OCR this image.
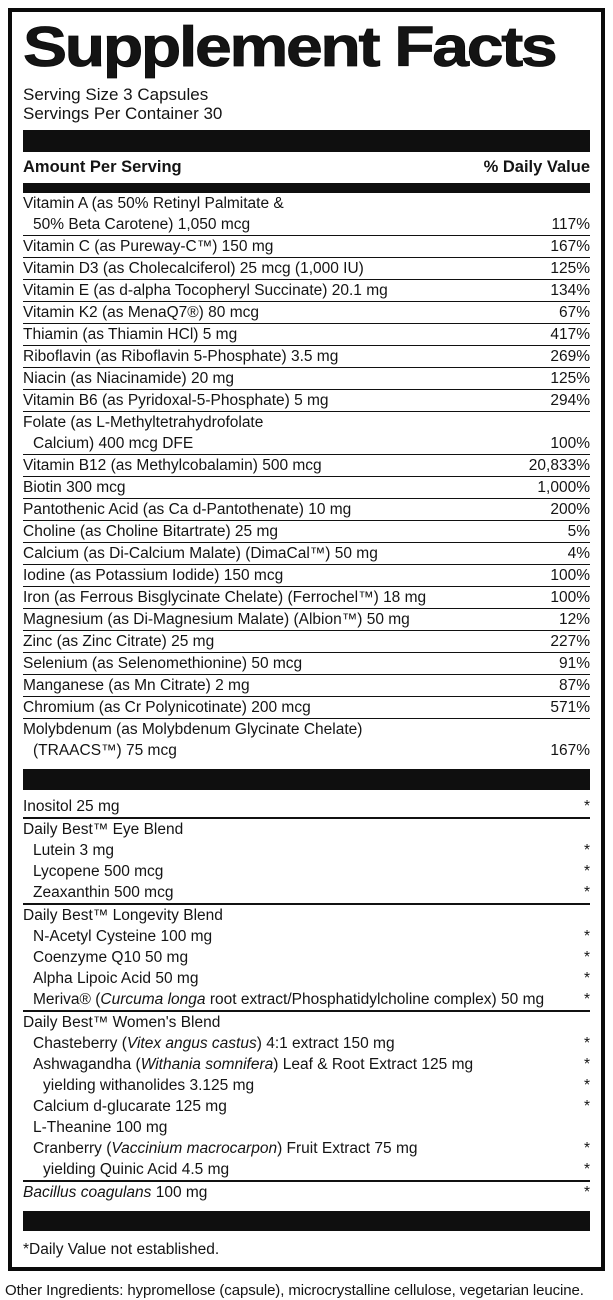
Supplement Facts
Serving Size 3 Capsules
Servings Per Container 30
Amount Per Serving	% Daily Value
Vitamin A (as 50% Retinyl Palmitate &
50% Beta Carotene) 1,050 mcg	117%
Vitamin C (as Pureway-C™) 150 mg	167%
Vitamin D3 (as Cholecalciferol) 25 mcg (1,000 IU)	125%
Vitamin E (as d-alpha Tocopheryl Succinate) 20.1 mg	134%
Vitamin K2 (as MenaQ7®) 80 mcg	67%
Thiamin (as Thiamin HCl) 5 mg	417%
Riboflavin (as Riboflavin 5-Phosphate) 3.5 mg	269%
Niacin (as Niacinamide) 20 mg	125%
Vitamin B6 (as Pyridoxal-5-Phosphate) 5 mg	294%
Folate (as L-Methyltetrahydrofolate
Calcium) 400 mcg DFE	100%
Vitamin B12 (as Methylcobalamin) 500 mcg	20,833%
Biotin 300 mcg	1,000%
Pantothenic Acid (as Ca d-Pantothenate) 10 mg	200%
Choline (as Choline Bitartrate) 25 mg	5%
Calcium (as Di-Calcium Malate) (DimaCal™) 50 mg	4%
Iodine (as Potassium Iodide) 150 mcg	100%
Iron (as Ferrous Bisglycinate Chelate) (Ferrochel™) 18 mg	100%
Magnesium (as Di-Magnesium Malate) (Albion™) 50 mg	12%
Zinc (as Zinc Citrate) 25 mg	227%
Selenium (as Selenomethionine) 50 mcg	91%
Manganese (as Mn Citrate) 2 mg	87%
Chromium (as Cr Polynicotinate) 200 mcg	571%
Molybdenum (as Molybdenum Glycinate Chelate)
(TRAACS™) 75 mcg	167%
Inositol 25 mg	*
Daily Best™ Eye Blend
Lutein 3 mg	*
Lycopene 500 mcg	*
Zeaxanthin 500 mcg	*
Daily Best™ Longevity Blend
N-Acetyl Cysteine 100 mg	*
Coenzyme Q10 50 mg	*
Alpha Lipoic Acid 50 mg	*
Meriva® (Curcuma longa root extract/Phosphatidylcholine complex) 50 mg	*
Daily Best™ Women's Blend
Chasteberry (Vitex angus castus) 4:1 extract 150 mg	*
Ashwagandha (Withania somnifera) Leaf & Root Extract 125 mg	*
yielding withanolides 3.125 mg	*
Calcium d-glucarate 125 mg	*
L-Theanine 100 mg
Cranberry (Vaccinium macrocarpon) Fruit Extract 75 mg	*
yielding Quinic Acid 4.5 mg	*
Bacillus coagulans 100 mg	*
*Daily Value not established.
Other Ingredients: hypromellose (capsule), microcrystalline cellulose, vegetarian leucine.
